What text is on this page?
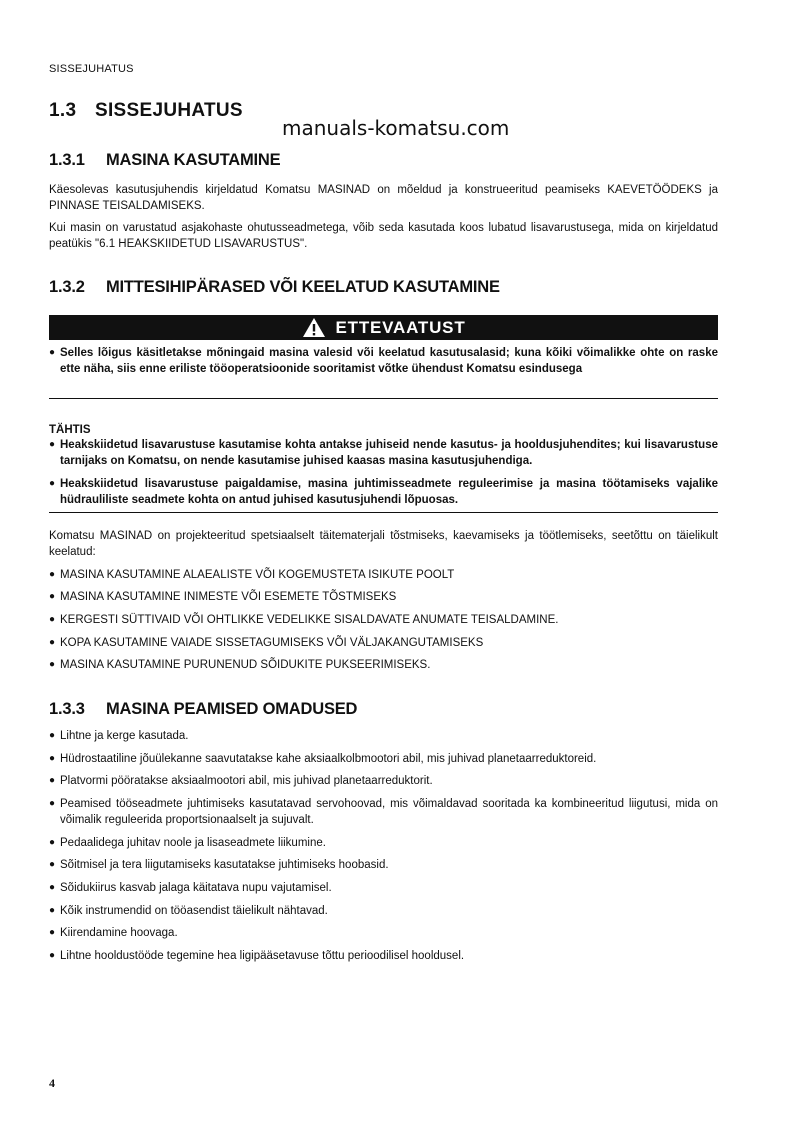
SISSEJUHATUS
1.3 SISSEJUHATUS
manuals-komatsu.com
1.3.1 MASINA KASUTAMINE
Käesolevas kasutusjuhendis kirjeldatud Komatsu MASINAD on mõeldud ja konstrueeritud peamiseks KAEVETÖÖDEKS ja PINNASE TEISALDAMISEKS.
Kui masin on varustatud asjakohaste ohutusseadmetega, võib seda kasutada koos lubatud lisavarustusega, mida on kirjeldatud peatükis "6.1 HEAKSKIIDETUD LISAVARUSTUS".
1.3.2 MITTESIHIPÄRASED VÕI KEELATUD KASUTAMINE
ETTEVAATUST
● Selles lõigus käsitletakse mõningaid masina valesid või keelatud kasutusalasid; kuna kõiki võimalikke ohte on raske ette näha, siis enne eriliste tööoperatsioonide sooritamist võtke ühendust Komatsu esindusega
TÄHTIS
● Heakskiidetud lisavarustuse kasutamise kohta antakse juhiseid nende kasutus- ja hooldusjuhendites; kui lisavarustuse tarnijaks on Komatsu, on nende kasutamise juhised kaasas masina kasutusjuhendiga.
● Heakskiidetud lisavarustuse paigaldamise, masina juhtimisseadmete reguleerimise ja masina töötamiseks vajalike hüdrauliliste seadmete kohta on antud juhised kasutusjuhendi lõpuosas.
Komatsu MASINAD on projekteeritud spetsiaalselt täitematerjali tõstmiseks, kaevamiseks ja töötlemiseks, seetõttu on täielikult keelatud:
● MASINA KASUTAMINE ALAEALISTE VÕI KOGEMUSTETA ISIKUTE POOLT
● MASINA KASUTAMINE INIMESTE VÕI ESEMETE TÕSTMISEKS
● KERGESTI SÜTTIVAID VÕI OHTLIKKE VEDELIKKE SISALDAVATE ANUMATE TEISALDAMINE.
● KOPA KASUTAMINE VAIADE SISSETAGUMISEKS VÕI VÄLJAKANGUTAMISEKS
● MASINA KASUTAMINE PURUNENUD SÕIDUKITE PUKSEERIMISEKS.
1.3.3 MASINA PEAMISED OMADUSED
● Lihtne ja kerge kasutada.
● Hüdrostaatiline jõuülekanne saavutatakse kahe aksiaalkolbmootori abil, mis juhivad planetaarreduktoreid.
● Platvormi pööratakse aksiaalmootori abil, mis juhivad planetaarreduktorit.
● Peamised tööseadmete juhtimiseks kasutatavad servohoovad, mis võimaldavad sooritada ka kombineeritud liigutusi, mida on võimalik reguleerida proportsionaalselt ja sujuvalt.
● Pedaalidega juhitav noole ja lisaseadmete liikumine.
● Sõitmisel ja tera liigutamiseks kasutatakse juhtimiseks hoobasid.
● Sõidukiirus kasvab jalaga käitatava nupu vajutamisel.
● Kõik instrumendid on tööasendist täielikult nähtavad.
● Kiirendamine hoovaga.
● Lihtne hooldustööde tegemine hea ligipääsetavuse tõttu perioodilisel hooldusel.
4
